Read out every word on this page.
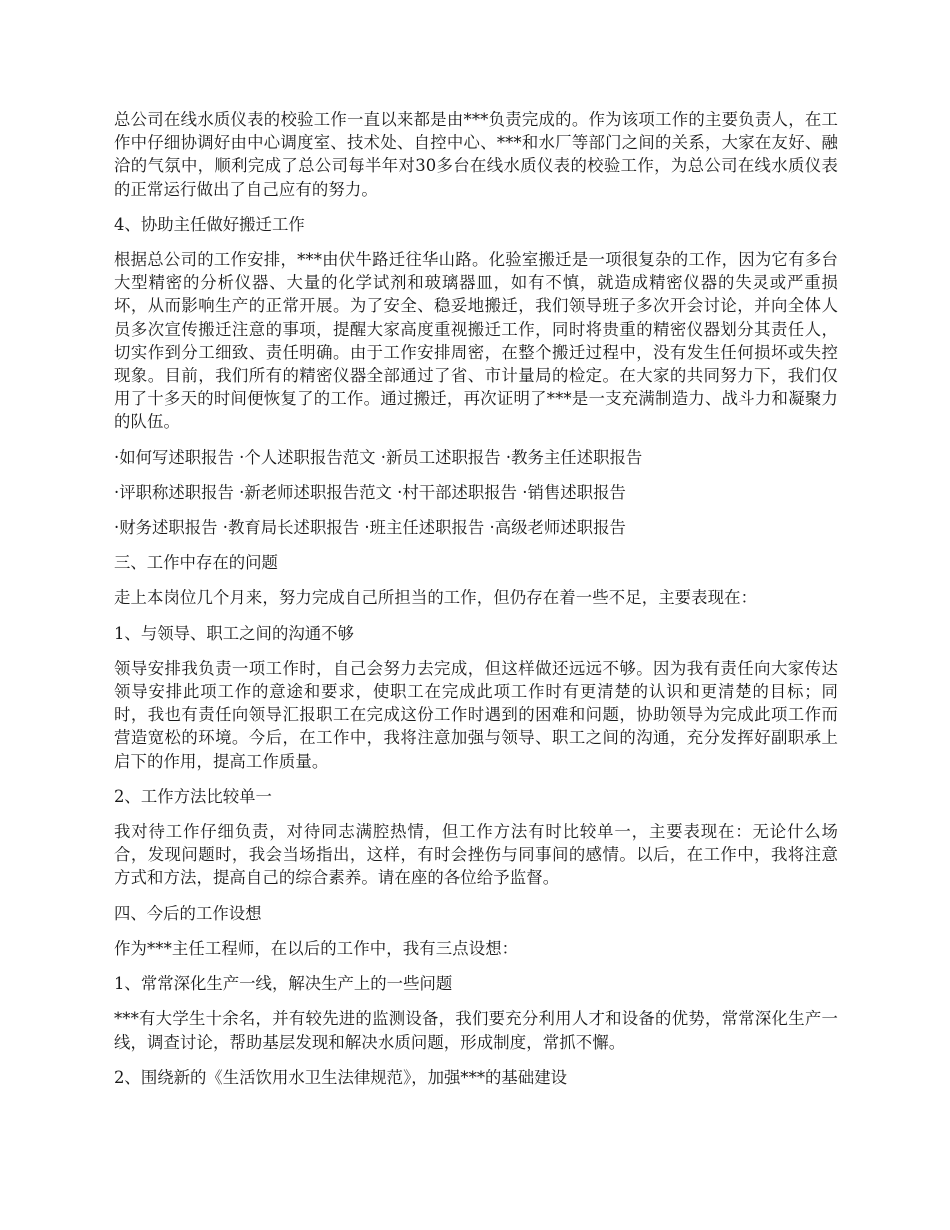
总公司在线水质仪表的校验工作一直以来都是由***负责完成的。作为该项工作的主要负责人，在工作中仔细协调好由中心调度室、技术处、自控中心、***和水厂等部门之间的关系，大家在友好、融洽的气氛中，顺利完成了总公司每半年对30多台在线水质仪表的校验工作，为总公司在线水质仪表的正常运行做出了自己应有的努力。

4、协助主任做好搬迁工作

根据总公司的工作安排，***由伏牛路迁往华山路。化验室搬迁是一项很复杂的工作，因为它有多台大型精密的分析仪器、大量的化学试剂和玻璃器皿，如有不慎，就造成精密仪器的失灵或严重损坏，从而影响生产的正常开展。为了安全、稳妥地搬迁，我们领导班子多次开会讨论，并向全体人员多次宣传搬迁注意的事项，提醒大家高度重视搬迁工作，同时将贵重的精密仪器划分其责任人，切实作到分工细致、责任明确。由于工作安排周密，在整个搬迁过程中，没有发生任何损坏或失控现象。目前，我们所有的精密仪器全部通过了省、市计量局的检定。在大家的共同努力下，我们仅用了十多天的时间便恢复了的工作。通过搬迁，再次证明了***是一支充满制造力、战斗力和凝聚力的队伍。

·如何写述职报告 ·个人述职报告范文 ·新员工述职报告 ·教务主任述职报告

·评职称述职报告 ·新老师述职报告范文 ·村干部述职报告 ·销售述职报告

·财务述职报告 ·教育局长述职报告 ·班主任述职报告 ·高级老师述职报告

三、工作中存在的问题

走上本岗位几个月来，努力完成自己所担当的工作，但仍存在着一些不足，主要表现在：

1、与领导、职工之间的沟通不够

领导安排我负责一项工作时，自己会努力去完成，但这样做还远远不够。因为我有责任向大家传达领导安排此项工作的意途和要求，使职工在完成此项工作时有更清楚的认识和更清楚的目标；同时，我也有责任向领导汇报职工在完成这份工作时遇到的困难和问题，协助领导为完成此项工作而营造宽松的环境。今后，在工作中，我将注意加强与领导、职工之间的沟通，充分发挥好副职承上启下的作用，提高工作质量。

2、工作方法比较单一

我对待工作仔细负责，对待同志满腔热情，但工作方法有时比较单一，主要表现在：无论什么场合，发现问题时，我会当场指出，这样，有时会挫伤与同事间的感情。以后，在工作中，我将注意方式和方法，提高自己的综合素养。请在座的各位给予监督。

四、今后的工作设想

作为***主任工程师，在以后的工作中，我有三点设想：

1、常常深化生产一线，解决生产上的一些问题

***有大学生十余名，并有较先进的监测设备，我们要充分利用人才和设备的优势，常常深化生产一线，调查讨论，帮助基层发现和解决水质问题，形成制度，常抓不懈。

2、围绕新的《生活饮用水卫生法律规范》，加强***的基础建设
